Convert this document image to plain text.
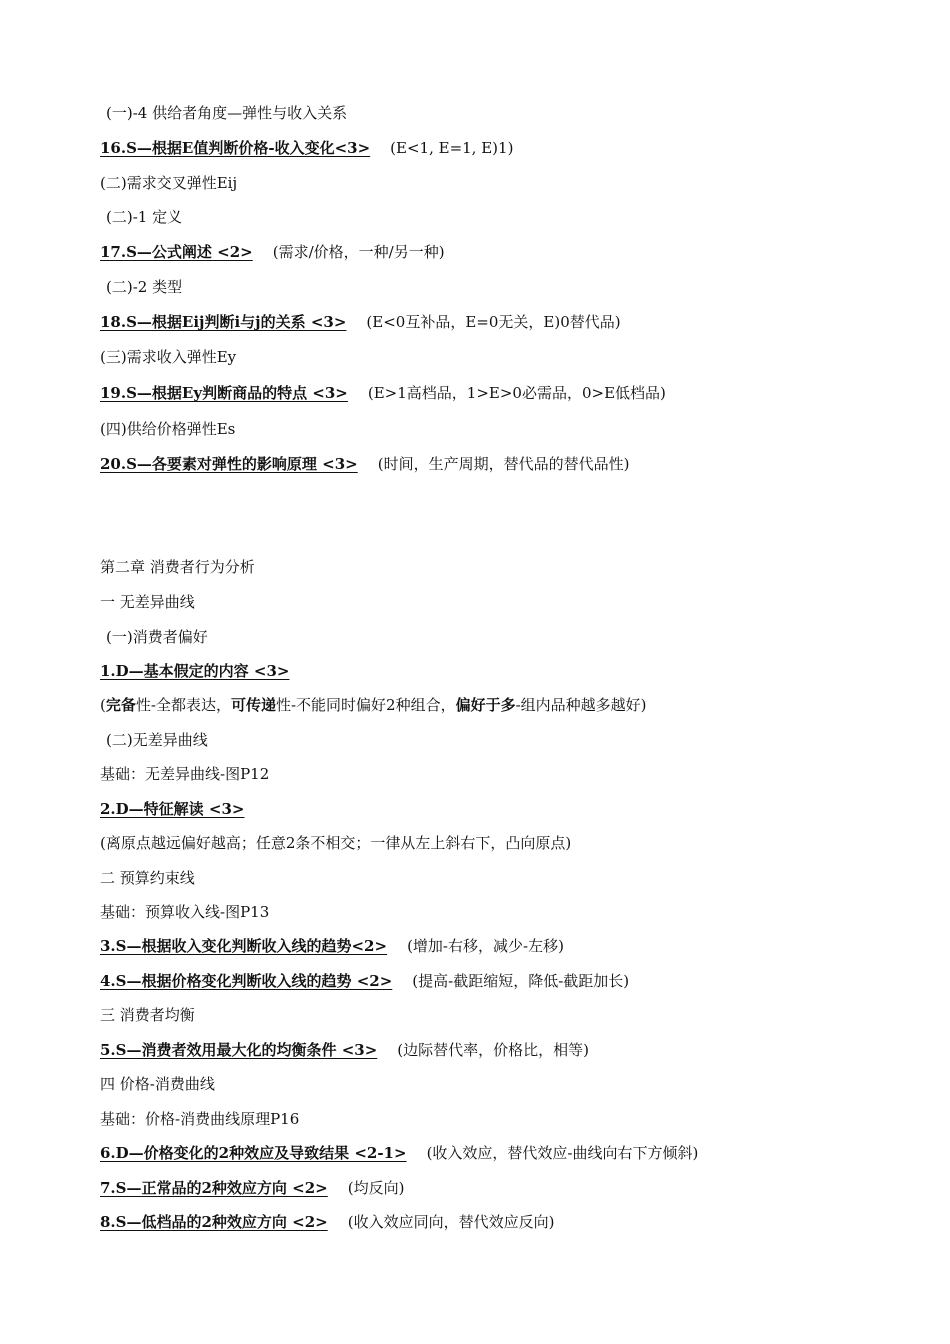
(一)-4 供给者角度—弹性与收入关系
16.S—根据E值判断价格-收入变化<3> (E<1, E=1, E)1)
(二)需求交叉弹性Eij
(二)-1 定义
17.S—公式阐述 <2> (需求/价格，一种/另一种)
(二)-2 类型
18.S—根据Eij判断i与j的关系 <3> (E<0互补品，E=0无关，E)0替代品)
(三)需求收入弹性Ey
19.S—根据Ey判断商品的特点 <3> (E>1高档品，1>E>0必需品，0>E低档品)
(四)供给价格弹性Es
20.S—各要素对弹性的影响原理 <3> (时间，生产周期，替代品的替代品性)
第二章 消费者行为分析
一 无差异曲线
(一)消费者偏好
1.D—基本假定的内容 <3>
(完备性-全都表达，可传递性-不能同时偏好2种组合，偏好于多-组内品种越多越好)
(二)无差异曲线
基础：无差异曲线-图P12
2.D—特征解读 <3>
(离原点越远偏好越高；任意2条不相交；一律从左上斜右下，凸向原点)
二 预算约束线
基础：预算收入线-图P13
3.S—根据收入变化判断收入线的趋势<2> (增加-右移，减少-左移)
4.S—根据价格变化判断收入线的趋势 <2> (提高-截距缩短，降低-截距加长)
三 消费者均衡
5.S—消费者效用最大化的均衡条件 <3> (边际替代率，价格比，相等)
四 价格-消费曲线
基础：价格-消费曲线原理P16
6.D—价格变化的2种效应及导致结果 <2-1> (收入效应，替代效应-曲线向右下方倾斜)
7.S—正常品的2种效应方向 <2> (均反向)
8.S—低档品的2种效应方向 <2> (收入效应同向，替代效应反向)
